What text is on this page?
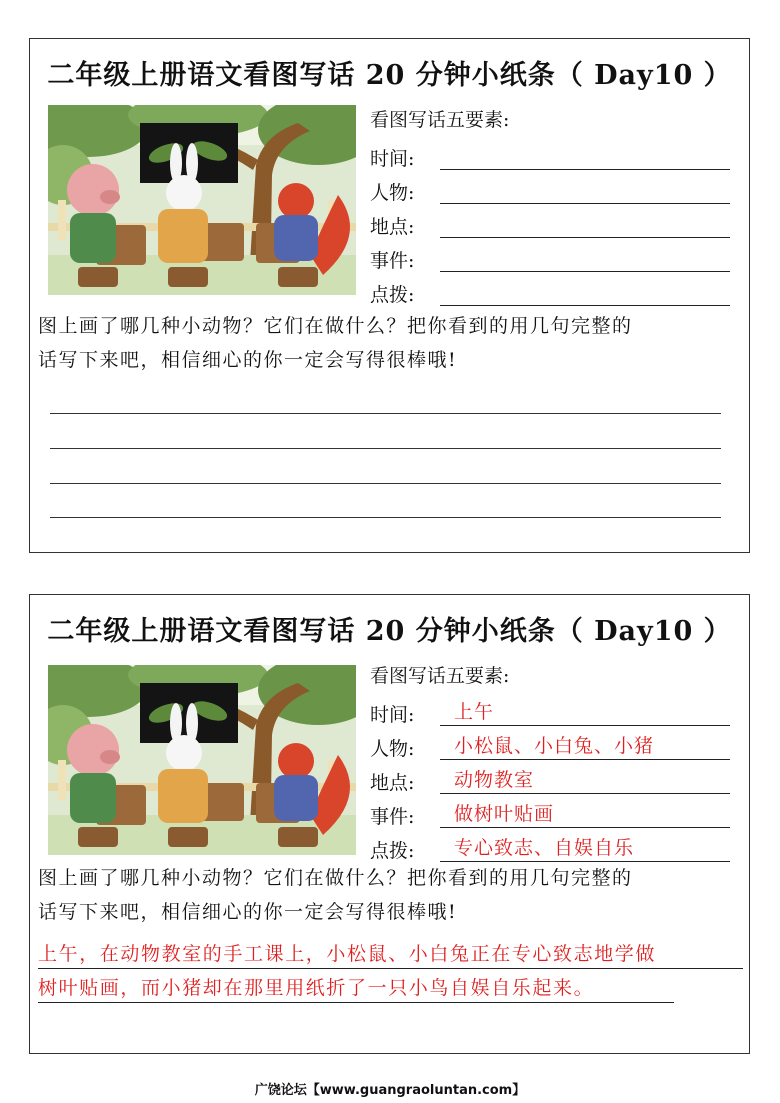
二年级上册语文看图写话 20 分钟小纸条（ Day10 ）
看图写话五要素:
时间:
人物:
地点:
事件:
点拨:
图上画了哪几种小动物？它们在做什么？把你看到的用几句完整的
话写下来吧，相信细心的你一定会写得很棒哦!
二年级上册语文看图写话 20 分钟小纸条（ Day10 ）
看图写话五要素:
时间: 上午
人物: 小松鼠、小白兔、小猪
地点: 动物教室
事件: 做树叶贴画
点拨: 专心致志、自娱自乐
图上画了哪几种小动物？它们在做什么？把你看到的用几句完整的
话写下来吧，相信细心的你一定会写得很棒哦!
上午，在动物教室的手工课上，小松鼠、小白兔正在专心致志地学做
树叶贴画，而小猪却在那里用纸折了一只小鸟自娱自乐起来。
广饶论坛【www.guangraoluntan.com】
